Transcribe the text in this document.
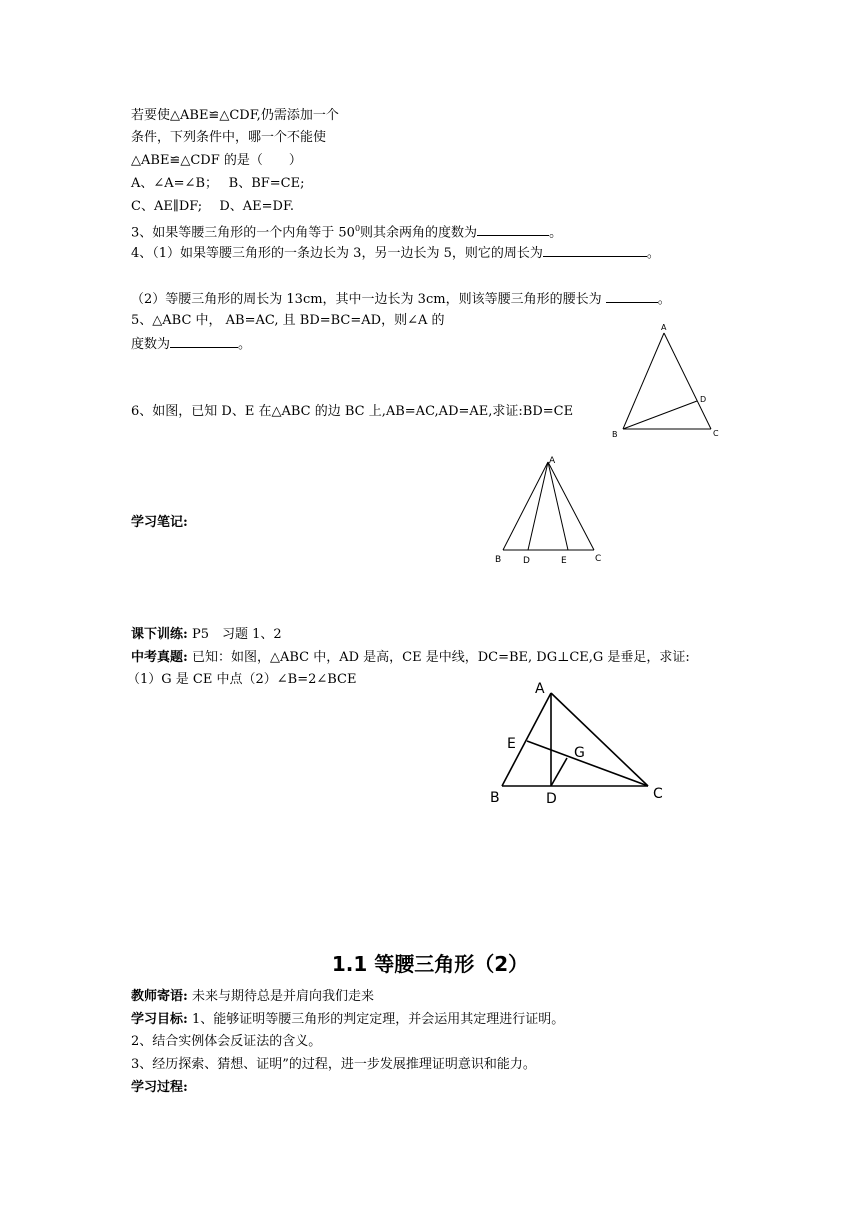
若要使△ABE≌△CDF,仍需添加一个
条件，下列条件中，哪一个不能使
△ABE≌△CDF 的是（　　）
A、∠A=∠B；　 B、BF=CE;
C、AE∥DF;　 D、AE=DF.
3、如果等腰三角形的一个内角等于 $50^0$则其余两角的度数为	。
4、（1）如果等腰三角形的一条边长为 3，另一边长为 5，则它的周长为	。
（2）等腰三角形的周长为 13cm，其中一边长为 3cm，则该等腰三角形的腰长为	。
5、△ABC 中， AB=AC, 且 BD=BC=AD，则∠A 的
度数为	。
A
B	C
D
6、如图，已知 D、E 在△ABC 的边 BC 上,AB=AC,AD=AE,求证:BD=CE
A
B D	E	C
学习笔记:
课下训练: P5　习题 1、2
中考真题: 已知：如图，△ABC 中，AD 是高，CE 是中线，DC=BE, DG⊥CE,G 是垂足，求证:
（1）G 是 CE 中点（2）∠B=2∠BCE
A
E
G
B	D	C
1.1 等腰三角形（2）
教师寄语: 未来与期待总是并肩向我们走来
学习目标: 1、能够证明等腰三角形的判定定理，并会运用其定理进行证明。
2、结合实例体会反证法的含义。
3、经历探索、猜想、证明”的过程，进一步发展推理证明意识和能力。
学习过程:
